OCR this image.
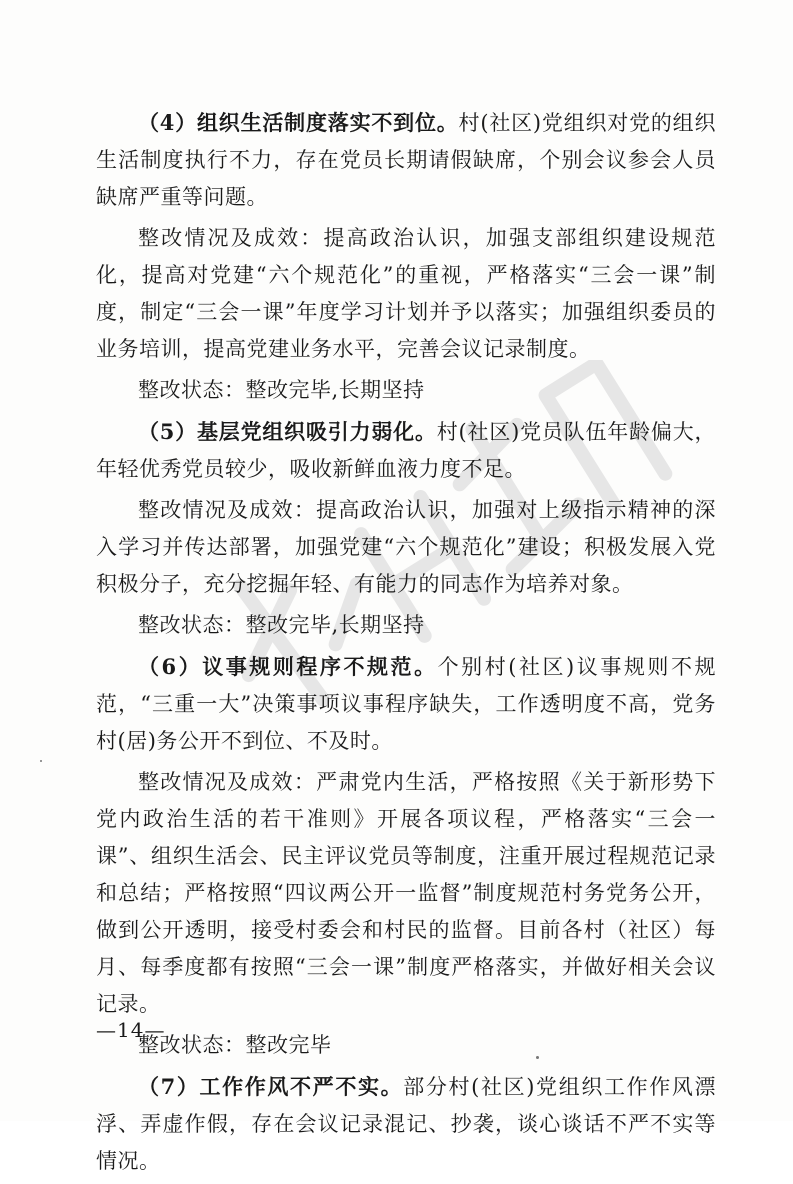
（4）组织生活制度落实不到位。村(社区)党组织对党的组织生活制度执行不力，存在党员长期请假缺席，个别会议参会人员缺席严重等问题。

整改情况及成效：提高政治认识，加强支部组织建设规范化，提高对党建“六个规范化”的重视，严格落实“三会一课”制度，制定“三会一课”年度学习计划并予以落实；加强组织委员的业务培训，提高党建业务水平，完善会议记录制度。

整改状态：整改完毕,长期坚持

（5）基层党组织吸引力弱化。村(社区)党员队伍年龄偏大，年轻优秀党员较少，吸收新鲜血液力度不足。

整改情况及成效：提高政治认识，加强对上级指示精神的深入学习并传达部署，加强党建“六个规范化”建设；积极发展入党积极分子，充分挖掘年轻、有能力的同志作为培养对象。

整改状态：整改完毕,长期坚持

（6）议事规则程序不规范。个别村(社区)议事规则不规范，“三重一大”决策事项议事程序缺失，工作透明度不高，党务村(居)务公开不到位、不及时。

整改情况及成效：严肃党内生活，严格按照《关于新形势下党内政治生活的若干准则》开展各项议程，严格落实“三会一课”、组织生活会、民主评议党员等制度，注重开展过程规范记录和总结；严格按照“四议两公开一监督”制度规范村务党务公开，做到公开透明，接受村委会和村民的监督。目前各村（社区）每月、每季度都有按照“三会一课”制度严格落实，并做好相关会议记录。

整改状态：整改完毕

（7）工作作风不严不实。部分村(社区)党组织工作作风漂浮、弄虚作假，存在会议记录混记、抄袭，谈心谈话不严不实等情况。

—14—
